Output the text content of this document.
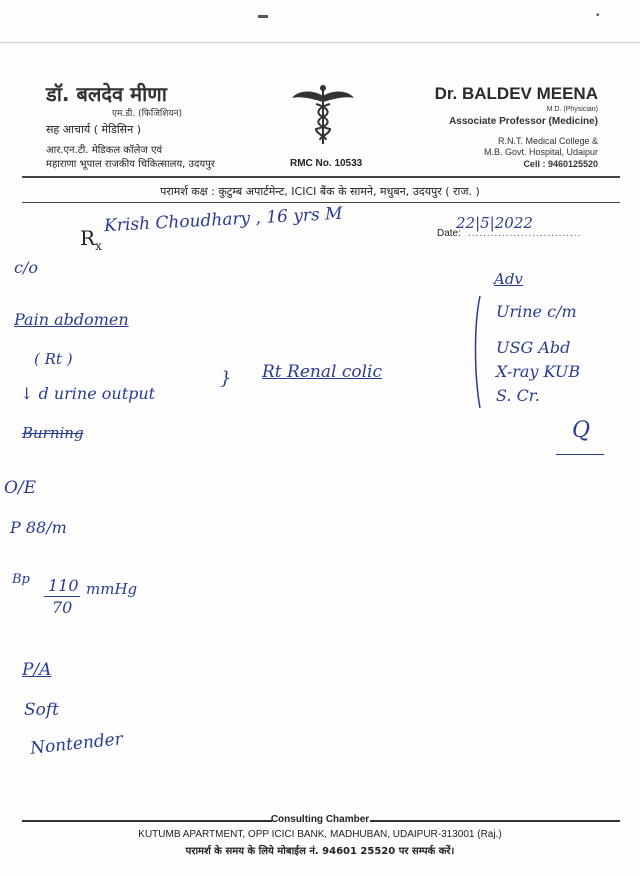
▬	•
डॉ. बलदेव मीणा
एम.डी. (फिजिशियन)
सह आचार्य ( मेडिसिन )
आर.एन.टी. मेडिकल कॉलेज एवं
महाराणा भूपाल राजकीय चिकित्सालय, उदयपुर	RMC No. 10533
Dr. BALDEV MEENA
M.D. (Physician)
Associate Professor (Medicine)
R.N.T. Medical College &
M.B. Govt. Hospital, Udaipur
Cell : 9460125520
परामर्श कक्ष : कुटुम्ब अपार्टमेन्ट, ICICI बैंक के सामने, मधुबन, उदयपुर ( राज. )
$R_x$
Date: ..............................
Krish Choudhary , 16 yrs M	22|5|2022
c/o
Pain abdomen
( Rt )
↓ d urine output
Burning
} Rt Renal colic
Adv
Urine c/m
USG Abd
X-ray KUB
S. Cr.
Q
O/E
P 88/m
Bp 110
70
mmHg
P/A
Soft
Nontender
Consulting Chamber
KUTUMB APARTMENT, OPP ICICI BANK, MADHUBAN, UDAIPUR-313001 (Raj.)
परामर्श के समय के लिये मोबाईल नं. 94601 25520 पर सम्पर्क करें।
